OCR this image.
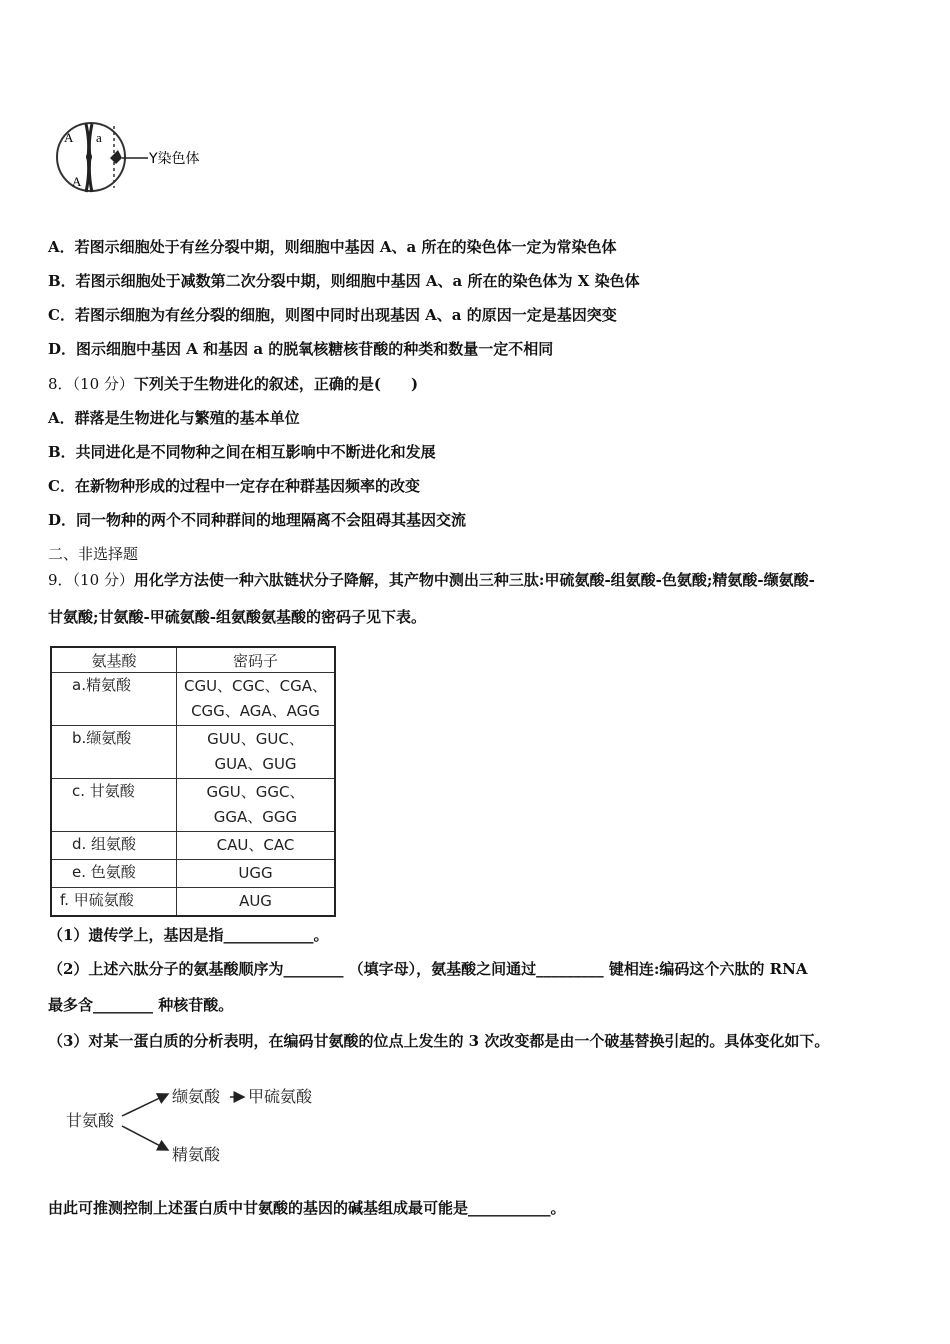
A a
A
Y染色体
A．若图示细胞处于有丝分裂中期，则细胞中基因 A、a 所在的染色体一定为常染色体
B．若图示细胞处于减数第二次分裂中期，则细胞中基因 A、a 所在的染色体为 X 染色体
C．若图示细胞为有丝分裂的细胞，则图中同时出现基因 A、a 的原因一定是基因突变
D．图示细胞中基因 A 和基因 a 的脱氧核糖核苷酸的种类和数量一定不相同
8．（10 分）下列关于生物进化的叙述，正确的是(　　)
A．群落是生物进化与繁殖的基本单位
B．共同进化是不同物种之间在相互影响中不断进化和发展
C．在新物种形成的过程中一定存在种群基因频率的改变
D．同一物种的两个不同种群间的地理隔离不会阻碍其基因交流
二、非选择题
9．（10 分）用化学方法使一种六肽链状分子降解，其产物中测出三种三肽:甲硫氨酸-组氨酸-色氨酸;精氨酸-缬氨酸-
甘氨酸;甘氨酸-甲硫氨酸-组氨酸氨基酸的密码子见下表。
氨基酸	密码子
a.精氨酸	CGU、CGC、CGA、
CGG、AGA、AGG

b.缬氨酸	GUU、GUC、
GUA、GUG

c. 甘氨酸	GGU、GGC、
GGA、GGG

d. 组氨酸	CAU、CAC
e. 色氨酸	UGG
f. 甲硫氨酸	AUG
（1）遗传学上，基因是指____________。
（2）上述六肽分子的氨基酸顺序为________ （填字母），氨基酸之间通过_________ 键相连:编码这个六肽的 RNA
最多含________ 种核苷酸。
（3）对某一蛋白质的分析表明，在编码甘氨酸的位点上发生的 3 次改变都是由一个破基替换引起的。具体变化如下。
甘氨酸
缬氨酸 甲硫氨酸
精氨酸
由此可推测控制上述蛋白质中甘氨酸的基因的碱基组成最可能是___________。
